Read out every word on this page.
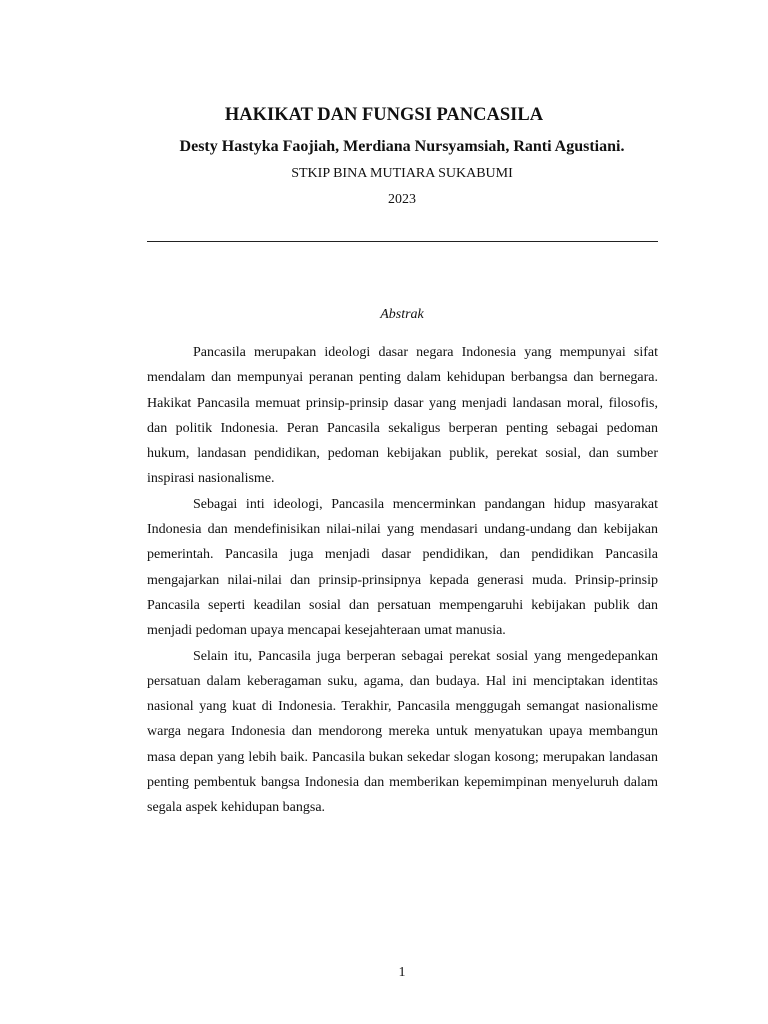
HAKIKAT DAN FUNGSI PANCASILA
Desty Hastyka Faojiah, Merdiana Nursyamsiah, Ranti Agustiani.
STKIP BINA MUTIARA SUKABUMI
2023
Abstrak

Pancasila merupakan ideologi dasar negara Indonesia yang mempunyai sifat mendalam dan mempunyai peranan penting dalam kehidupan berbangsa dan bernegara. Hakikat Pancasila memuat prinsip-prinsip dasar yang menjadi landasan moral, filosofis, dan politik Indonesia. Peran Pancasila sekaligus berperan penting sebagai pedoman hukum, landasan pendidikan, pedoman kebijakan publik, perekat sosial, dan sumber inspirasi nasionalisme.

Sebagai inti ideologi, Pancasila mencerminkan pandangan hidup masyarakat Indonesia dan mendefinisikan nilai-nilai yang mendasari undang-undang dan kebijakan pemerintah. Pancasila juga menjadi dasar pendidikan, dan pendidikan Pancasila mengajarkan nilai-nilai dan prinsip-prinsipnya kepada generasi muda. Prinsip-prinsip Pancasila seperti keadilan sosial dan persatuan mempengaruhi kebijakan publik dan menjadi pedoman upaya mencapai kesejahteraan umat manusia.

Selain itu, Pancasila juga berperan sebagai perekat sosial yang mengedepankan persatuan dalam keberagaman suku, agama, dan budaya. Hal ini menciptakan identitas nasional yang kuat di Indonesia. Terakhir, Pancasila menggugah semangat nasionalisme warga negara Indonesia dan mendorong mereka untuk menyatukan upaya membangun masa depan yang lebih baik. Pancasila bukan sekedar slogan kosong; merupakan landasan penting pembentuk bangsa Indonesia dan memberikan kepemimpinan menyeluruh dalam segala aspek kehidupan bangsa.

1
